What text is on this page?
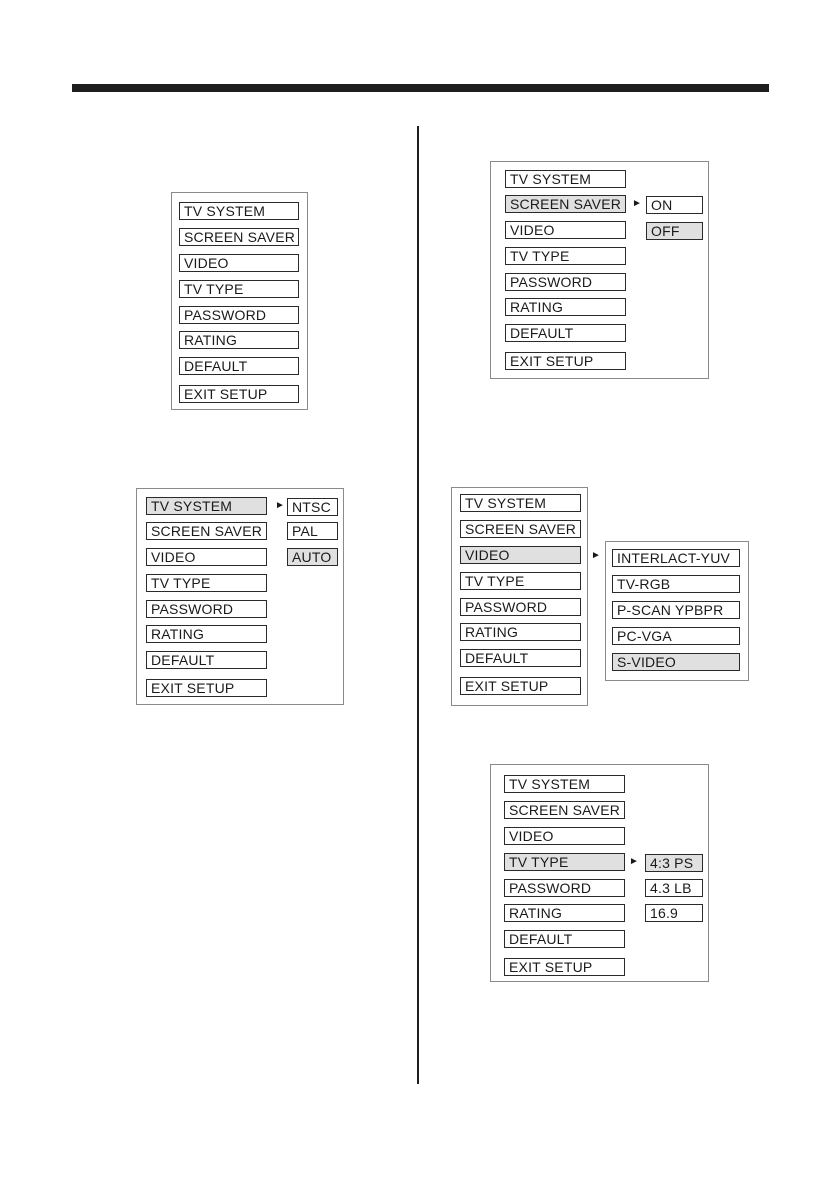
TV SYSTEM
SCREEN SAVER
VIDEO
TV TYPE
PASSWORD
RATING
DEFAULT
EXIT SETUP
TV SYSTEM
SCREEN SAVER
VIDEO
TV TYPE
PASSWORD
RATING
DEFAULT
EXIT SETUP
► NTSC
PAL
AUTO
TV SYSTEM
SCREEN SAVER
VIDEO
TV TYPE
PASSWORD
RATING
DEFAULT
EXIT SETUP
► ON
OFF
TV SYSTEM
SCREEN SAVER
VIDEO
TV TYPE
PASSWORD
RATING
DEFAULT
EXIT SETUP
►	INTERLACT-YUV
TV-RGB
P-SCAN YPBPR
PC-VGA
S-VIDEO
TV SYSTEM
SCREEN SAVER
VIDEO
TV TYPE
PASSWORD
RATING
DEFAULT
EXIT SETUP
► 4:3 PS
4.3 LB
16.9
